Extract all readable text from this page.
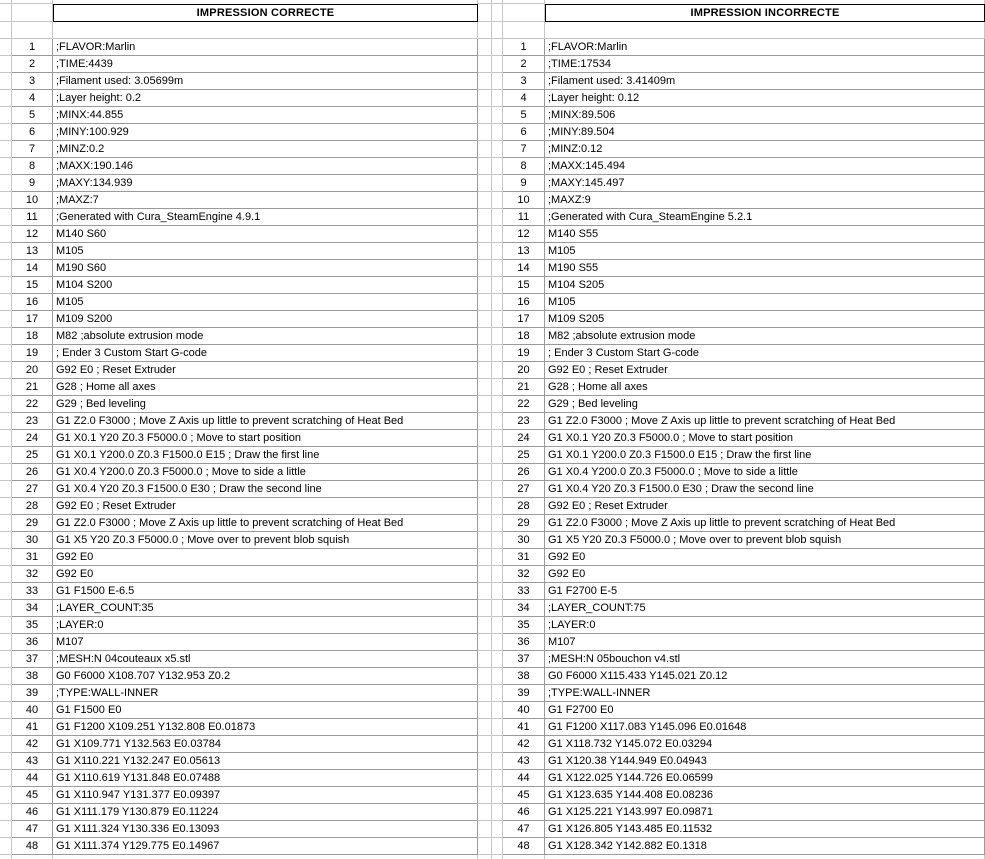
IMPRESSION CORRECTE	IMPRESSION INCORRECTE
1	;FLAVOR:Marlin	1	;FLAVOR:Marlin
2	;TIME:4439	2	;TIME:17534
3	;Filament used: 3.05699m	3	;Filament used: 3.41409m
4	;Layer height: 0.2	4	;Layer height: 0.12
5	;MINX:44.855	5	;MINX:89.506
6	;MINY:100.929	6	;MINY:89.504
7	;MINZ:0.2	7	;MINZ:0.12
8	;MAXX:190.146	8	;MAXX:145.494
9	;MAXY:134.939	9	;MAXY:145.497
10	;MAXZ:7	10	;MAXZ:9
11	;Generated with Cura_SteamEngine 4.9.1	11	;Generated with Cura_SteamEngine 5.2.1
12	M140 S60	12	M140 S55
13	M105	13	M105
14	M190 S60	14	M190 S55
15	M104 S200	15	M104 S205
16	M105	16	M105
17	M109 S200	17	M109 S205
18	M82 ;absolute extrusion mode	18	M82 ;absolute extrusion mode
19	; Ender 3 Custom Start G-code	19	; Ender 3 Custom Start G-code
20	G92 E0 ; Reset Extruder	20	G92 E0 ; Reset Extruder
21	G28 ; Home all axes	21	G28 ; Home all axes
22	G29 ; Bed leveling	22	G29 ; Bed leveling
23	G1 Z2.0 F3000 ; Move Z Axis up little to prevent scratching of Heat Bed	23	G1 Z2.0 F3000 ; Move Z Axis up little to prevent scratching of Heat Bed
24	G1 X0.1 Y20 Z0.3 F5000.0 ; Move to start position	24	G1 X0.1 Y20 Z0.3 F5000.0 ; Move to start position
25	G1 X0.1 Y200.0 Z0.3 F1500.0 E15 ; Draw the first line	25	G1 X0.1 Y200.0 Z0.3 F1500.0 E15 ; Draw the first line
26	G1 X0.4 Y200.0 Z0.3 F5000.0 ; Move to side a little	26	G1 X0.4 Y200.0 Z0.3 F5000.0 ; Move to side a little
27	G1 X0.4 Y20 Z0.3 F1500.0 E30 ; Draw the second line	27	G1 X0.4 Y20 Z0.3 F1500.0 E30 ; Draw the second line
28	G92 E0 ; Reset Extruder	28	G92 E0 ; Reset Extruder
29	G1 Z2.0 F3000 ; Move Z Axis up little to prevent scratching of Heat Bed	29	G1 Z2.0 F3000 ; Move Z Axis up little to prevent scratching of Heat Bed
30	G1 X5 Y20 Z0.3 F5000.0 ; Move over to prevent blob squish	30	G1 X5 Y20 Z0.3 F5000.0 ; Move over to prevent blob squish
31	G92 E0	31	G92 E0
32	G92 E0	32	G92 E0
33	G1 F1500 E-6.5	33	G1 F2700 E-5
34	;LAYER_COUNT:35	34	;LAYER_COUNT:75
35	;LAYER:0	35	;LAYER:0
36	M107	36	M107
37	;MESH:N 04couteaux x5.stl	37	;MESH:N 05bouchon v4.stl
38	G0 F6000 X108.707 Y132.953 Z0.2	38	G0 F6000 X115.433 Y145.021 Z0.12
39	;TYPE:WALL-INNER	39	;TYPE:WALL-INNER
40	G1 F1500 E0	40	G1 F2700 E0
41	G1 F1200 X109.251 Y132.808 E0.01873	41	G1 F1200 X117.083 Y145.096 E0.01648
42	G1 X109.771 Y132.563 E0.03784	42	G1 X118.732 Y145.072 E0.03294
43	G1 X110.221 Y132.247 E0.05613	43	G1 X120.38 Y144.949 E0.04943
44	G1 X110.619 Y131.848 E0.07488	44	G1 X122.025 Y144.726 E0.06599
45	G1 X110.947 Y131.377 E0.09397	45	G1 X123.635 Y144.408 E0.08236
46	G1 X111.179 Y130.879 E0.11224	46	G1 X125.221 Y143.997 E0.09871
47	G1 X111.324 Y130.336 E0.13093	47	G1 X126.805 Y143.485 E0.11532
48	G1 X111.374 Y129.775 E0.14967	48	G1 X128.342 Y142.882 E0.1318
